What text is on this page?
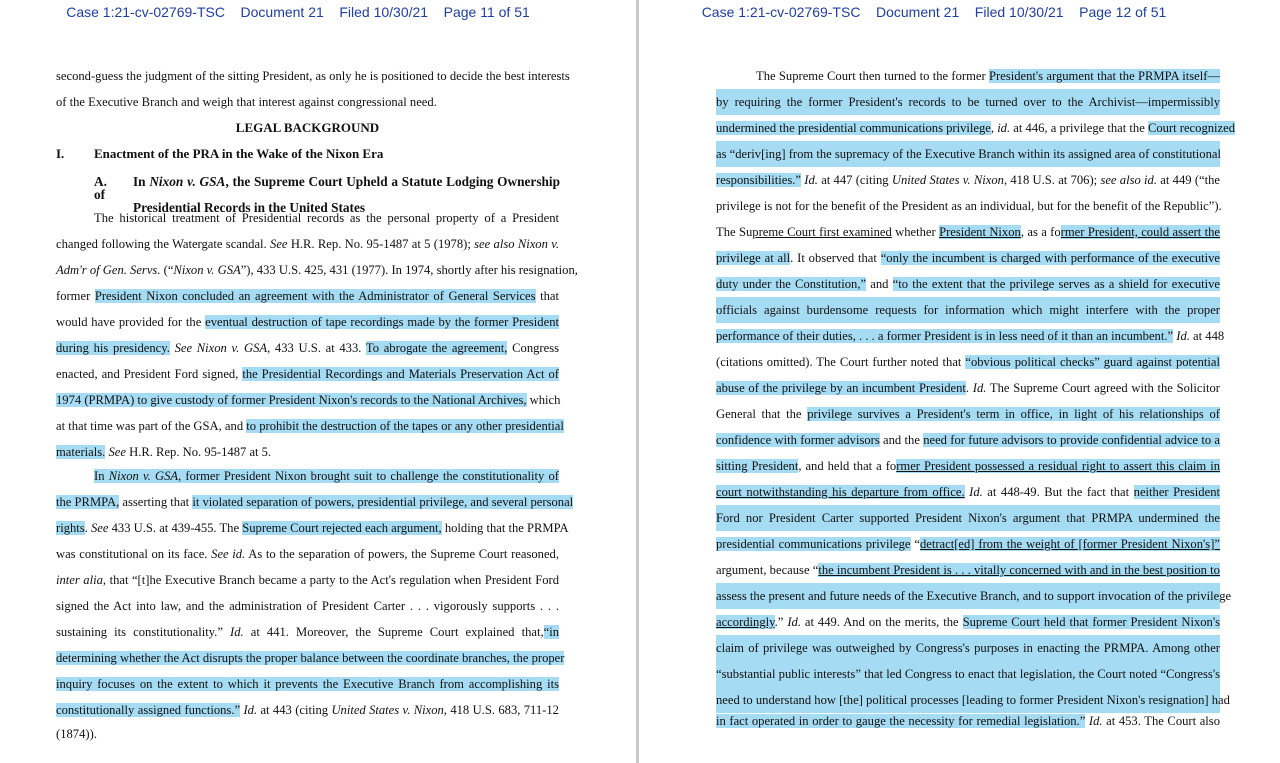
Case 1:21-cv-02769-TSC    Document 21    Filed 10/30/21    Page 11 of 51
second-guess the judgment of the sitting President, as only he is positioned to decide the best interests
of the Executive Branch and weigh that interest against congressional need.
LEGAL BACKGROUND
I. Enactment of the PRA in the Wake of the Nixon Era
A. In Nixon v. GSA, the Supreme Court Upheld a Statute Lodging Ownership of
Presidential Records in the United States
The historical treatment of Presidential records as the personal property of a President
changed following the Watergate scandal. See H.R. Rep. No. 95-1487 at 5 (1978); see also Nixon v.
Adm'r of Gen. Servs. (“Nixon v. GSA”), 433 U.S. 425, 431 (1977). In 1974, shortly after his resignation,
former President Nixon concluded an agreement with the Administrator of General Services that
would have provided for the eventual destruction of tape recordings made by the former President
during his presidency. See Nixon v. GSA, 433 U.S. at 433. To abrogate the agreement, Congress
enacted, and President Ford signed, the Presidential Recordings and Materials Preservation Act of
1974 (PRMPA) to give custody of former President Nixon's records to the National Archives, which
at that time was part of the GSA, and to prohibit the destruction of the tapes or any other presidential
materials. See H.R. Rep. No. 95-1487 at 5.
In Nixon v. GSA, former President Nixon brought suit to challenge the constitutionality of
the PRMPA, asserting that it violated separation of powers, presidential privilege, and several personal
rights. See 433 U.S. at 439-455. The Supreme Court rejected each argument, holding that the PRMPA
was constitutional on its face. See id. As to the separation of powers, the Supreme Court reasoned,
inter alia, that “[t]he Executive Branch became a party to the Act's regulation when President Ford
signed the Act into law, and the administration of President Carter . . . vigorously supports . . .
sustaining its constitutionality.” Id. at 441. Moreover, the Supreme Court explained that,“in
determining whether the Act disrupts the proper balance between the coordinate branches, the proper
inquiry focuses on the extent to which it prevents the Executive Branch from accomplishing its
constitutionally assigned functions.” Id. at 443 (citing United States v. Nixon, 418 U.S. 683, 711-12
(1874)).
Case 1:21-cv-02769-TSC    Document 21    Filed 10/30/21    Page 12 of 51
The Supreme Court then turned to the former President's argument that the PRMPA itself—
by requiring the former President's records to be turned over to the Archivist—impermissibly
undermined the presidential communications privilege, id. at 446, a privilege that the Court recognized
as “deriv[ing] from the supremacy of the Executive Branch within its assigned area of constitutional
responsibilities.” Id. at 447 (citing United States v. Nixon, 418 U.S. at 706); see also id. at 449 (“the
privilege is not for the benefit of the President as an individual, but for the benefit of the Republic”).
The Supreme Court first examined whether President Nixon, as a former President, could assert the
privilege at all. It observed that “only the incumbent is charged with performance of the executive
duty under the Constitution,” and “to the extent that the privilege serves as a shield for executive
officials against burdensome requests for information which might interfere with the proper
performance of their duties, . . . a former President is in less need of it than an incumbent.” Id. at 448
(citations omitted). The Court further noted that “obvious political checks” guard against potential
abuse of the privilege by an incumbent President. Id. The Supreme Court agreed with the Solicitor
General that the privilege survives a President's term in office, in light of his relationships of
confidence with former advisors and the need for future advisors to provide confidential advice to a
sitting President, and held that a former President possessed a residual right to assert this claim in
court notwithstanding his departure from office. Id. at 448-49. But the fact that neither President
Ford nor President Carter supported President Nixon's argument that PRMPA undermined the
presidential communications privilege “detract[ed] from the weight of [former President Nixon's]”
argument, because “the incumbent President is . . . vitally concerned with and in the best position to
assess the present and future needs of the Executive Branch, and to support invocation of the privilege
accordingly.” Id. at 449. And on the merits, the Supreme Court held that former President Nixon's
claim of privilege was outweighed by Congress's purposes in enacting the PRMPA. Among other
“substantial public interests” that led Congress to enact that legislation, the Court noted “Congress's
need to understand how [the] political processes [leading to former President Nixon's resignation] had
in fact operated in order to gauge the necessity for remedial legislation.” Id. at 453. The Court also
